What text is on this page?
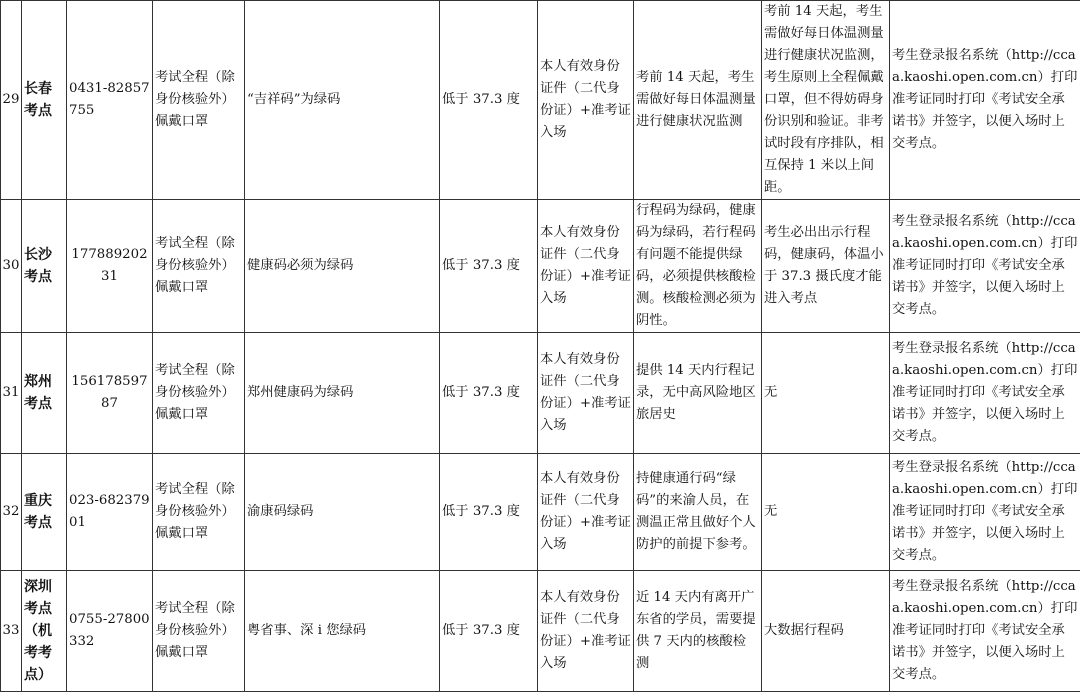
29	长春考点	0431-82857755	考试全程（除身份核验外）佩戴口罩	“吉祥码”为绿码	低于 37.3 度	本人有效身份证件（二代身份证）+准考证入场	考前 14 天起，考生需做好每日体温测量进行健康状况监测	考前 14 天起，考生需做好每日体温测量进行健康状况监测，考生原则上全程佩戴口罩，但不得妨碍身份识别和验证。非考试时段有序排队，相互保持 1 米以上间距。	考生登录报名系统（http://ccaa.kaoshi.open.com.cn）打印准考证同时打印《考试安全承诺书》并签字，以便入场时上交考点。
30	长沙考点	17788920231	考试全程（除身份核验外）佩戴口罩	健康码必须为绿码	低于 37.3 度	本人有效身份证件（二代身份证）+准考证入场	行程码为绿码，健康码为绿码，若行程码有问题不能提供绿码，必须提供核酸检测。核酸检测必须为阴性。	考生必出出示行程码，健康码，体温小于 37.3 摄氏度才能进入考点	考生登录报名系统（http://ccaa.kaoshi.open.com.cn）打印准考证同时打印《考试安全承诺书》并签字，以便入场时上交考点。
31	郑州考点	15617859787	考试全程（除身份核验外）佩戴口罩	郑州健康码为绿码	低于 37.3 度	本人有效身份证件（二代身份证）+准考证入场	提供 14 天内行程记录，无中高风险地区旅居史	无	考生登录报名系统（http://ccaa.kaoshi.open.com.cn）打印准考证同时打印《考试安全承诺书》并签字，以便入场时上交考点。
32	重庆考点	023-68237901	考试全程（除身份核验外）佩戴口罩	渝康码绿码	低于 37.3 度	本人有效身份证件（二代身份证）+准考证入场	持健康通行码“绿码”的来渝人员，在测温正常且做好个人防护的前提下参考。	无	考生登录报名系统（http://ccaa.kaoshi.open.com.cn）打印准考证同时打印《考试安全承诺书》并签字，以便入场时上交考点。
33	深圳考点（机考考点）	0755-27800332	考试全程（除身份核验外）佩戴口罩	粤省事、深 i 您绿码	低于 37.3 度	本人有效身份证件（二代身份证）+准考证入场	近 14 天内有离开广东省的学员，需要提供 7 天内的核酸检测	大数据行程码	考生登录报名系统（http://ccaa.kaoshi.open.com.cn）打印准考证同时打印《考试安全承诺书》并签字，以便入场时上交考点。
